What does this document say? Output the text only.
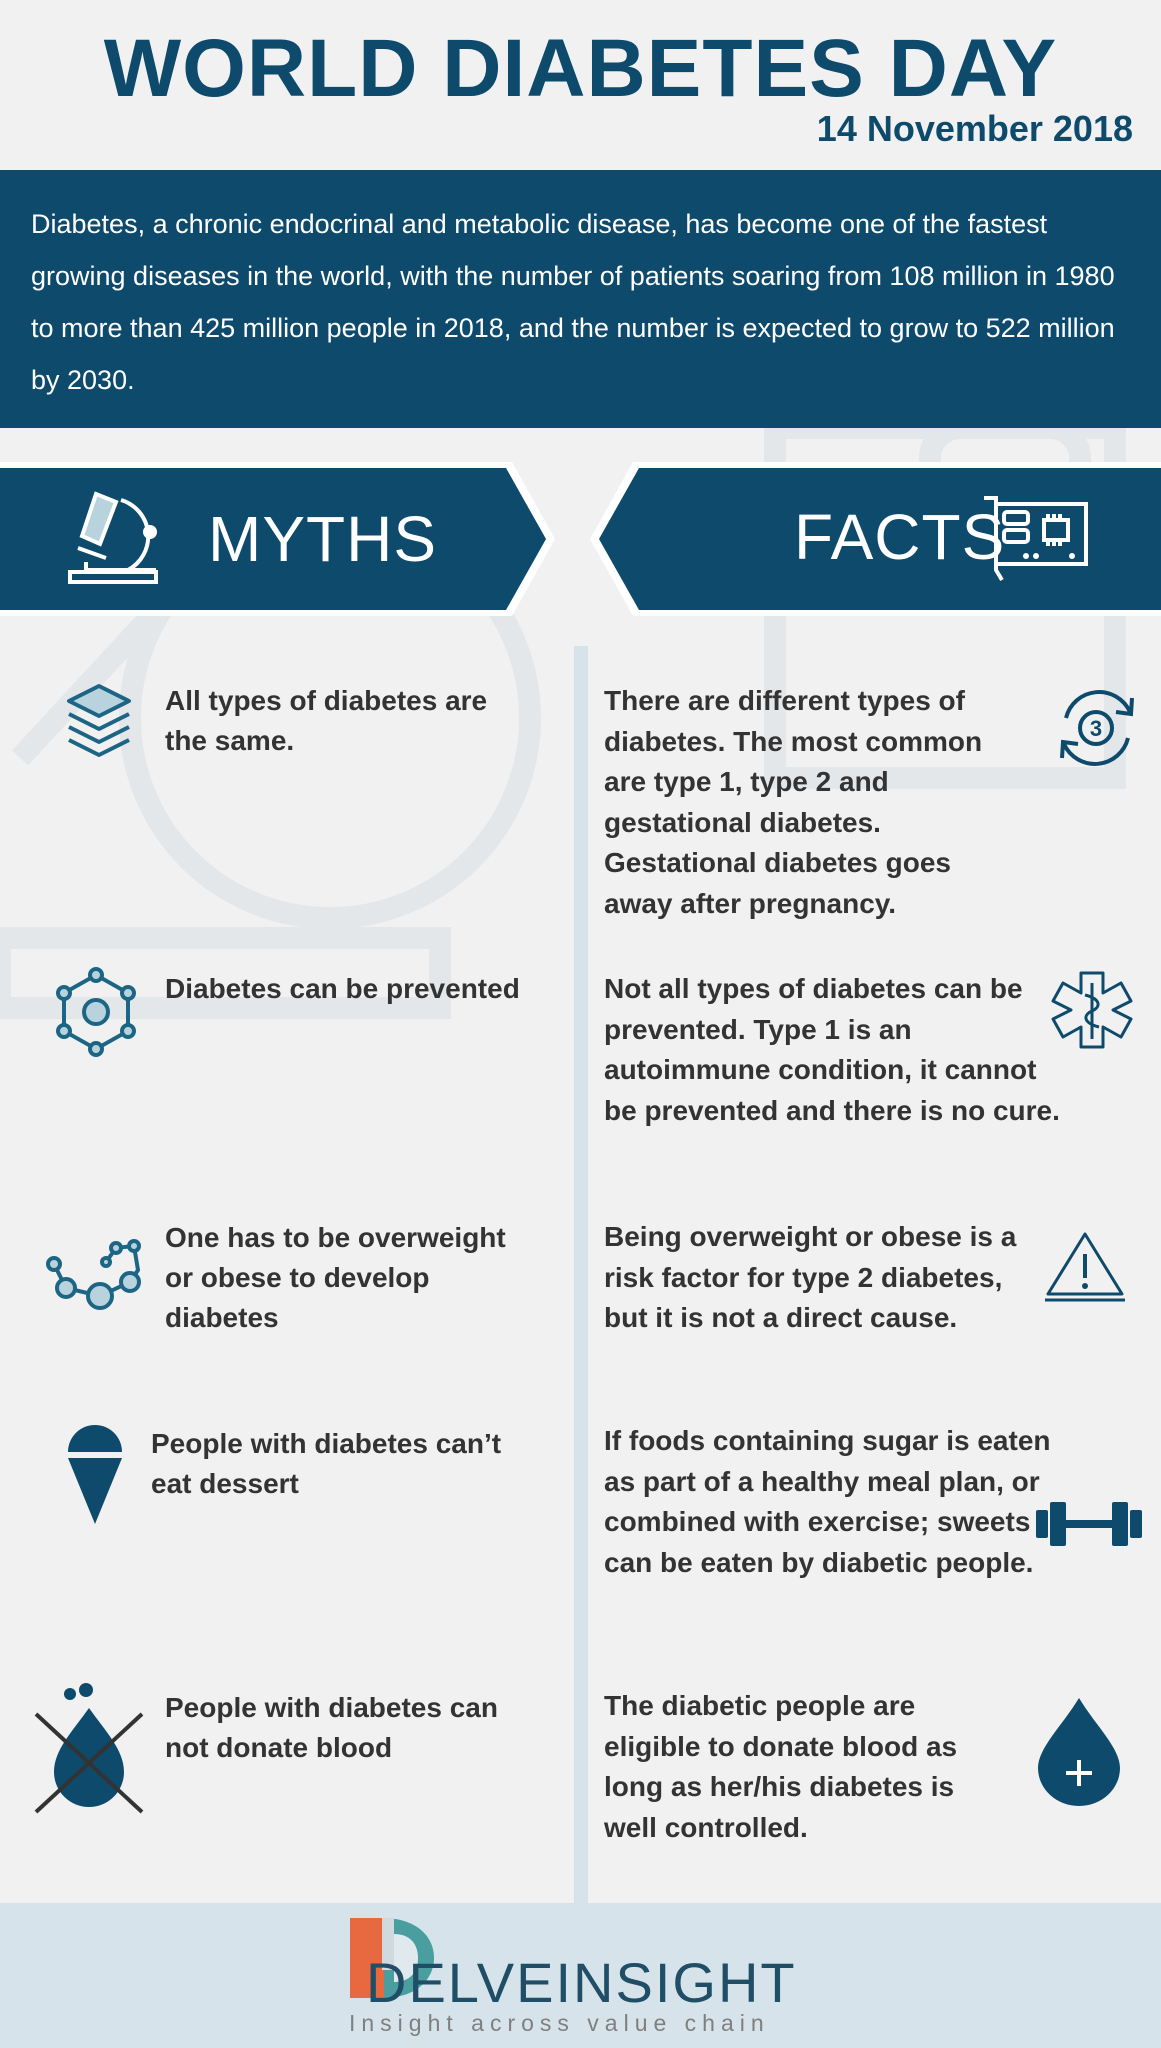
WORLD DIABETES DAY
14 November 2018

Diabetes, a chronic endocrinal and metabolic disease, has become one of the fastest growing diseases in the world, with the number of patients soaring from 108 million in 1980 to more than 425 million people in 2018, and the number is expected to grow to 522 million by 2030.

MYTHS	FACTS
All types of diabetes are the same.
There are different types of diabetes. The most common are type 1, type 2 and gestational diabetes. Gestational diabetes goes away after pregnancy.
3
Diabetes can be prevented	Not all types of diabetes can be prevented. Type 1 is an autoimmune condition, it cannot be prevented and there is no cure.
One has to be overweight or obese to develop diabetes
Being overweight or obese is a risk factor for type 2 diabetes, but it is not a direct cause.
People with diabetes can’t eat dessert
If foods containing sugar is eaten as part of a healthy meal plan, or combined with exercise; sweets can be eaten by diabetic people.
People with diabetes can not donate blood
The diabetic people are eligible to donate blood as long as her/his diabetes is well controlled.
DELVEINSIGHT
Insight across value chain
